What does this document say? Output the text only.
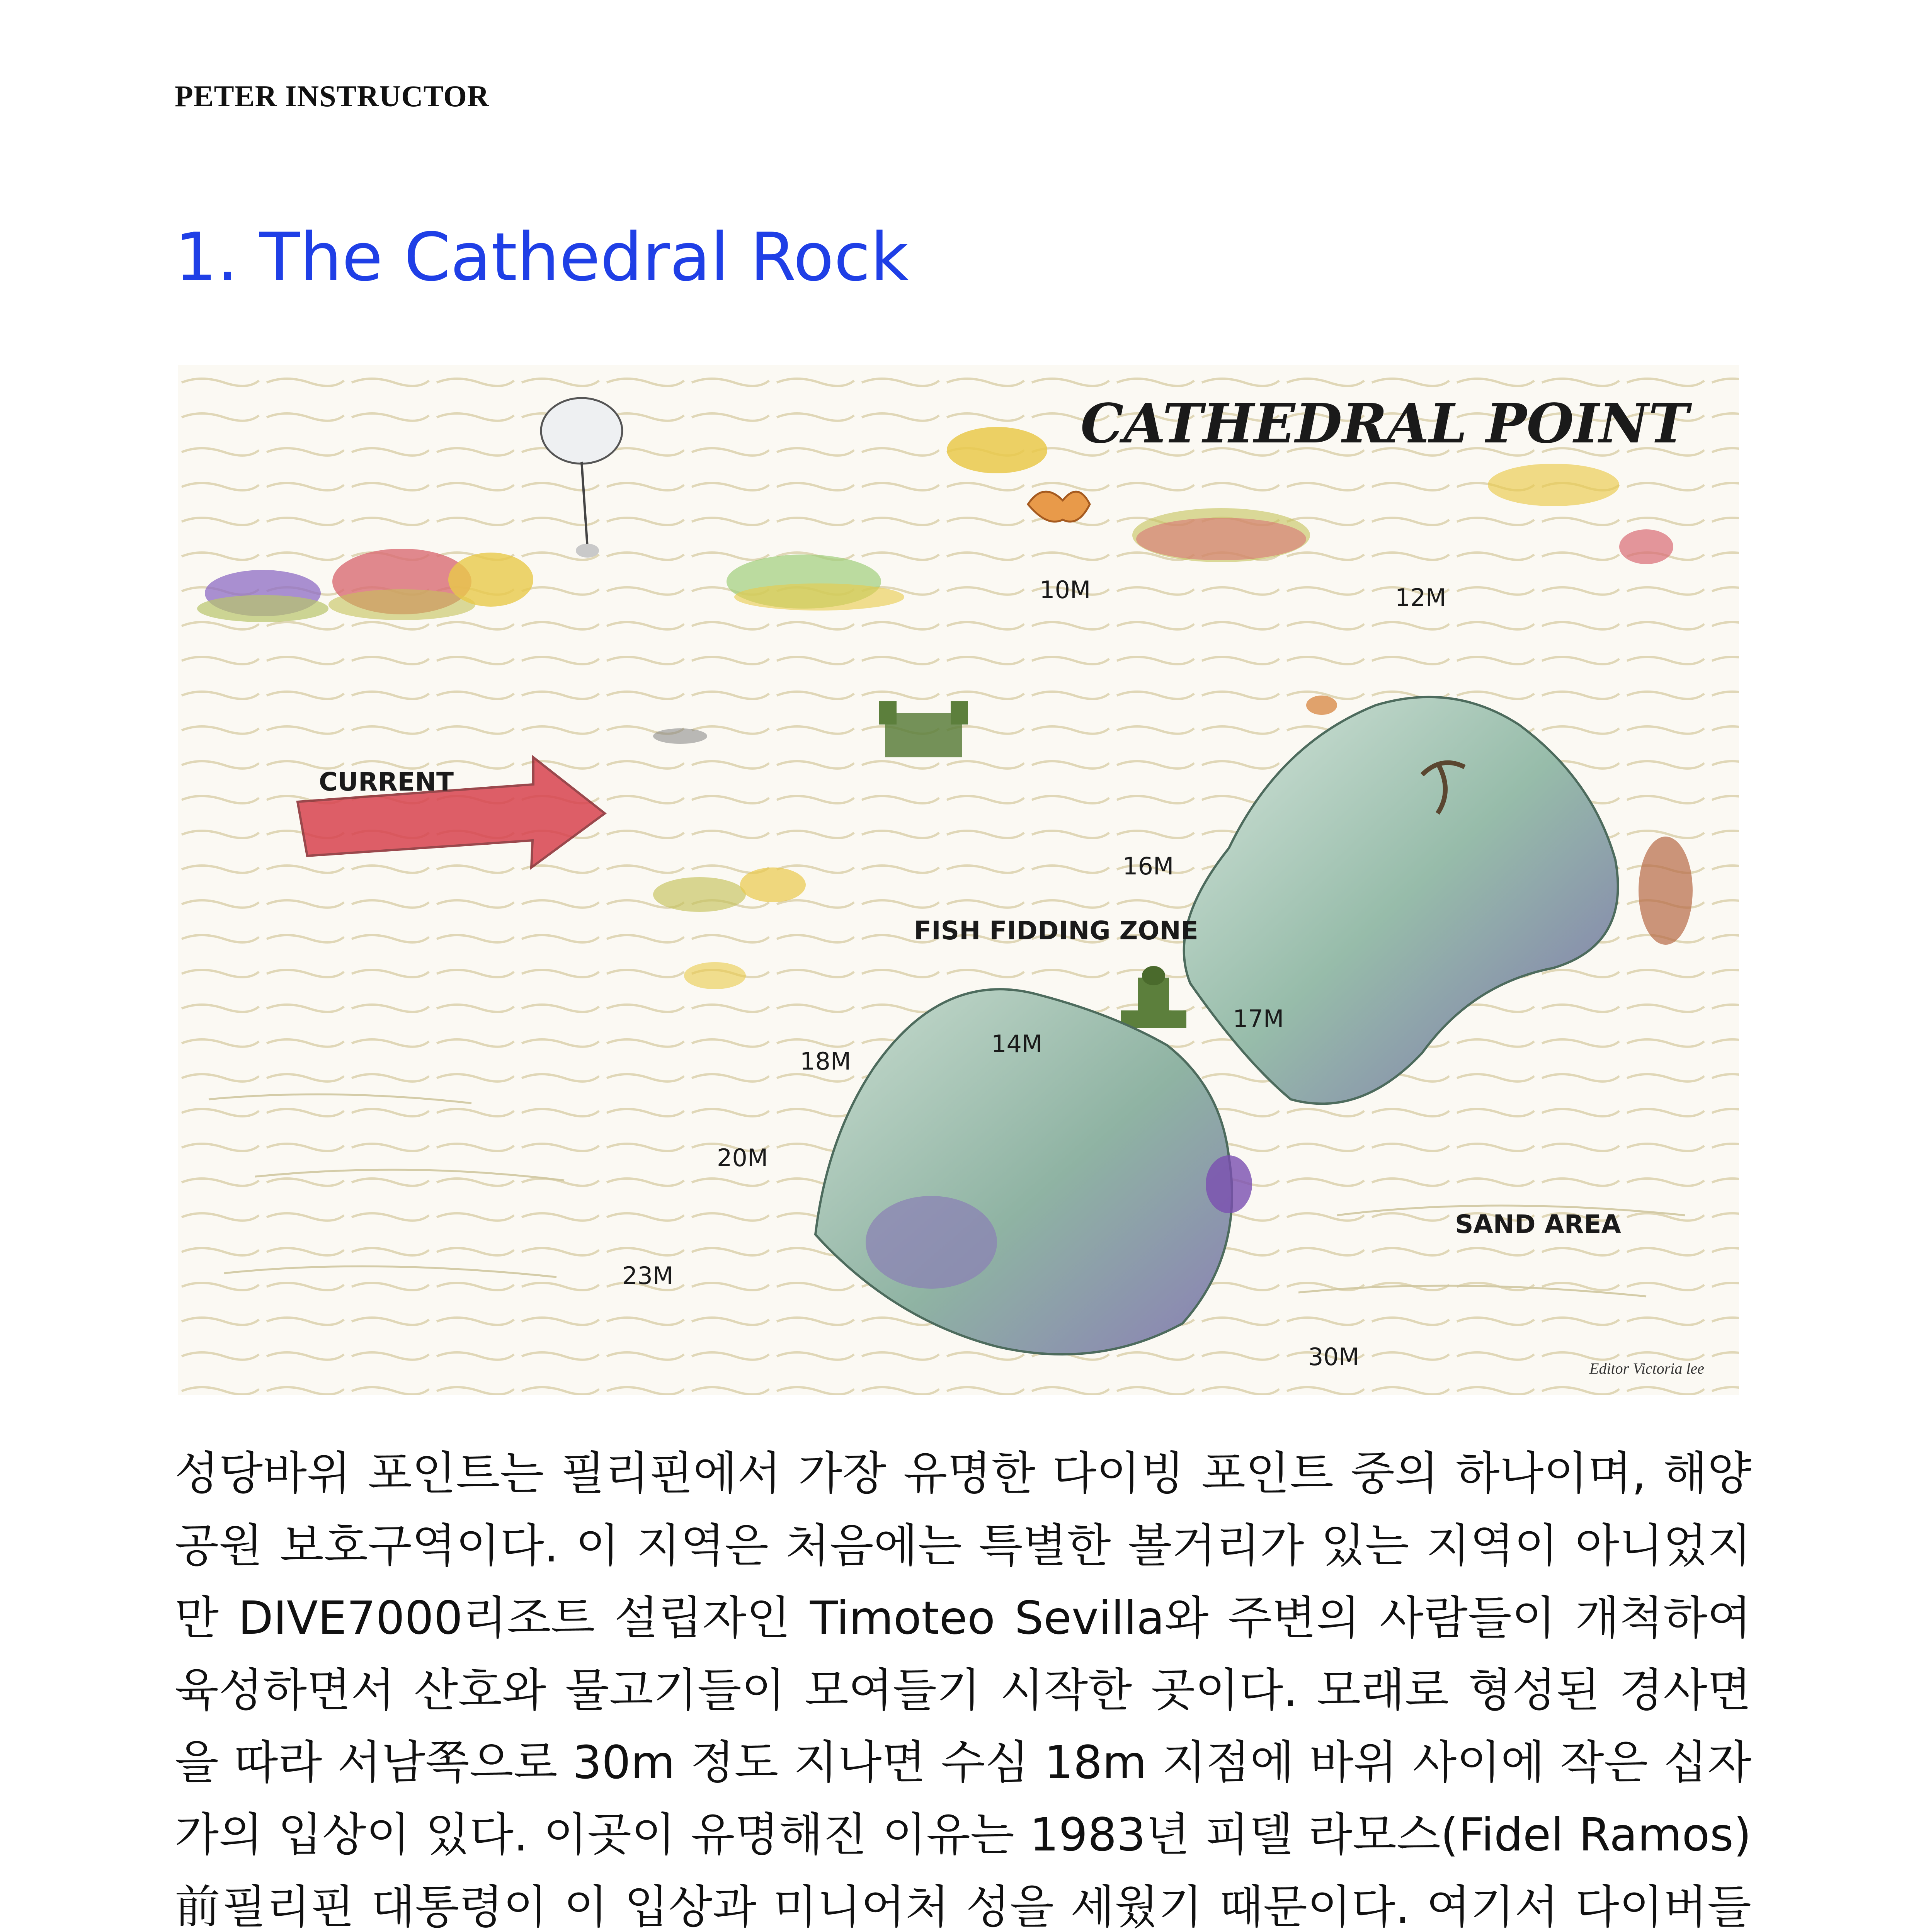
PETER INSTRUCTOR
1. The Cathedral Rock
CATHEDRAL POINT
CURRENT
FISH FIDDING ZONE
SAND AREA
10M	12M
16M
17M
14M
18M
20M
23M
30M	Editor Victoria lee

성당바위 포인트는 필리핀에서 가장 유명한 다이빙 포인트 중의 하나이며, 해양공원 보호구역이다. 이 지역은 처음에는 특별한 볼거리가 있는 지역이 아니었지만 DIVE7000리조트 설립자인 Timoteo Sevilla와 주변의 사람들이 개척하여 육성하면서 산호와 물고기들이 모여들기 시작한 곳이다. 모래로 형성된 경사면을 따라 서남쪽으로 30m 정도 지나면 수심 18m 지점에 바위 사이에 작은 십자가의 입상이 있다. 이곳이 유명해진 이유는 1983년 피델 라모스(Fidel Ramos) 前필리핀 대통령이 이 입상과 미니어처 성을 세웠기 때문이다. 여기서 다이버들
